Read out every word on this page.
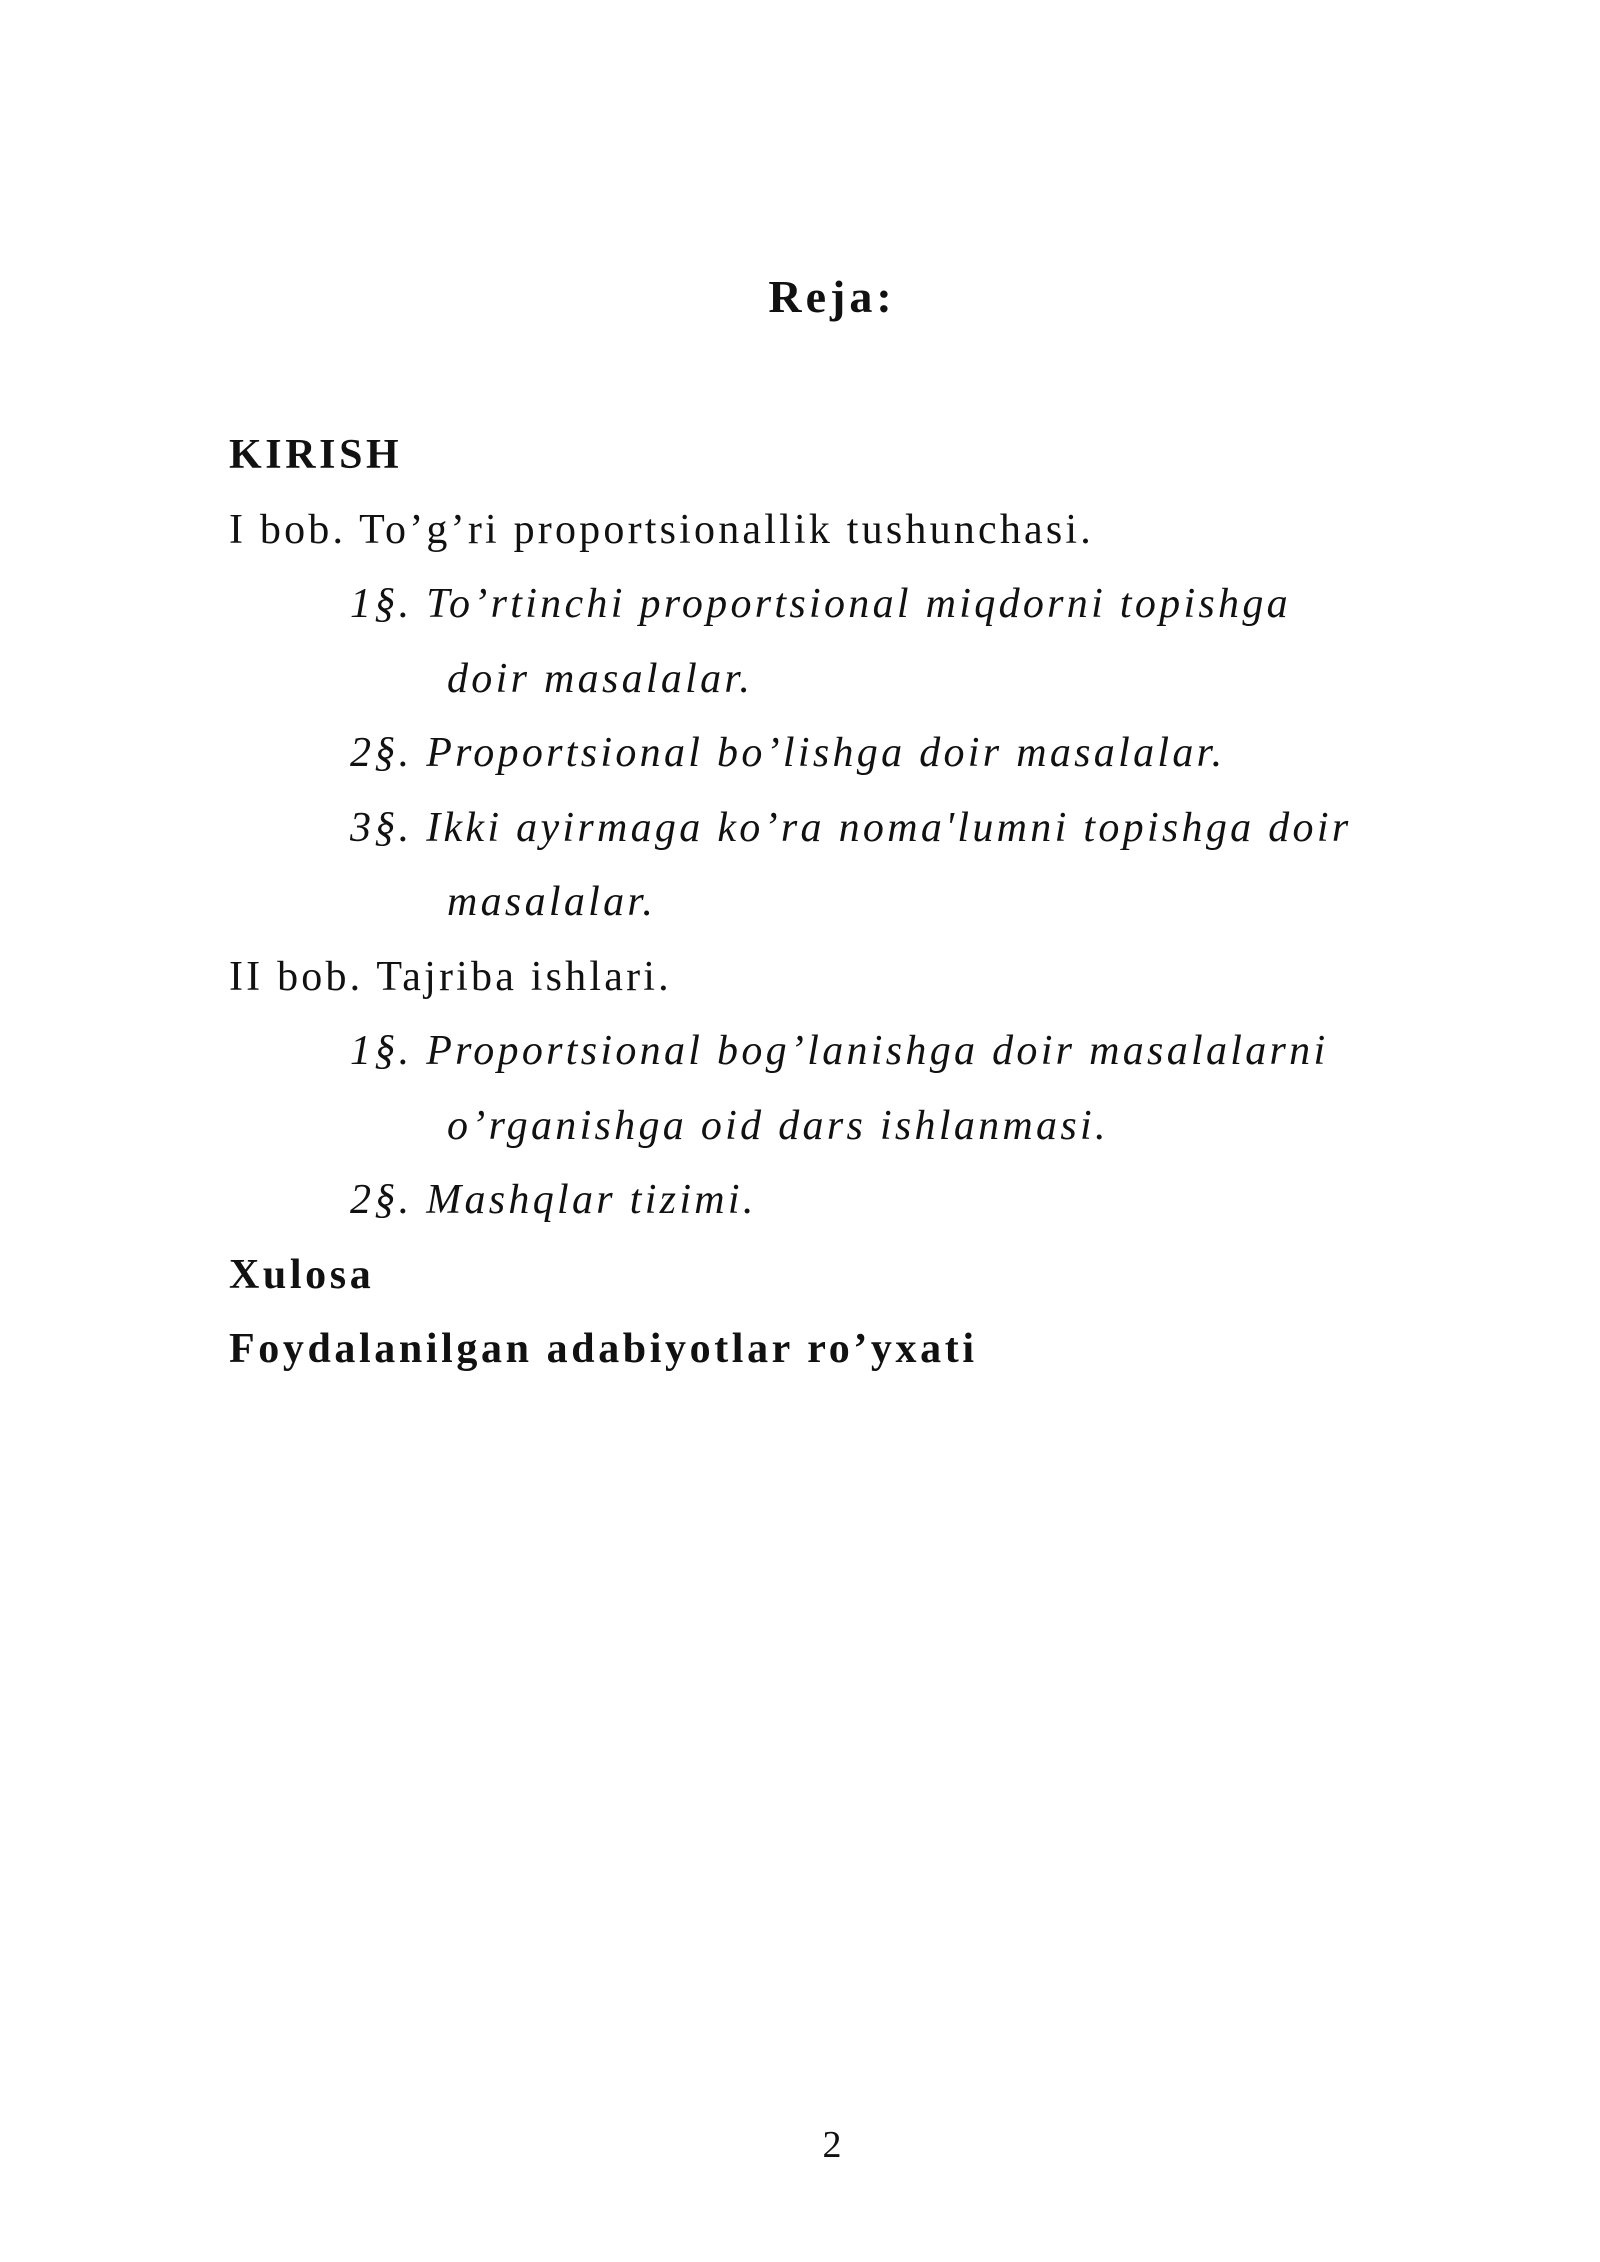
Reja:
KIRISH
I bob. To’g’ri proportsionallik tushunchasi.
1§. To’rtinchi proportsional miqdorni topishga
doir masalalar.
2§. Proportsional bo’lishga doir masalalar.
3§. Ikki ayirmaga ko’ra noma'lumni topishga doir
masalalar.
II bob. Tajriba ishlari.
1§. Proportsional bog’lanishga doir masalalarni
o’rganishga oid dars ishlanmasi.
2§. Mashqlar tizimi.
Xulosa
Foydalanilgan adabiyotlar ro’yxati
2
